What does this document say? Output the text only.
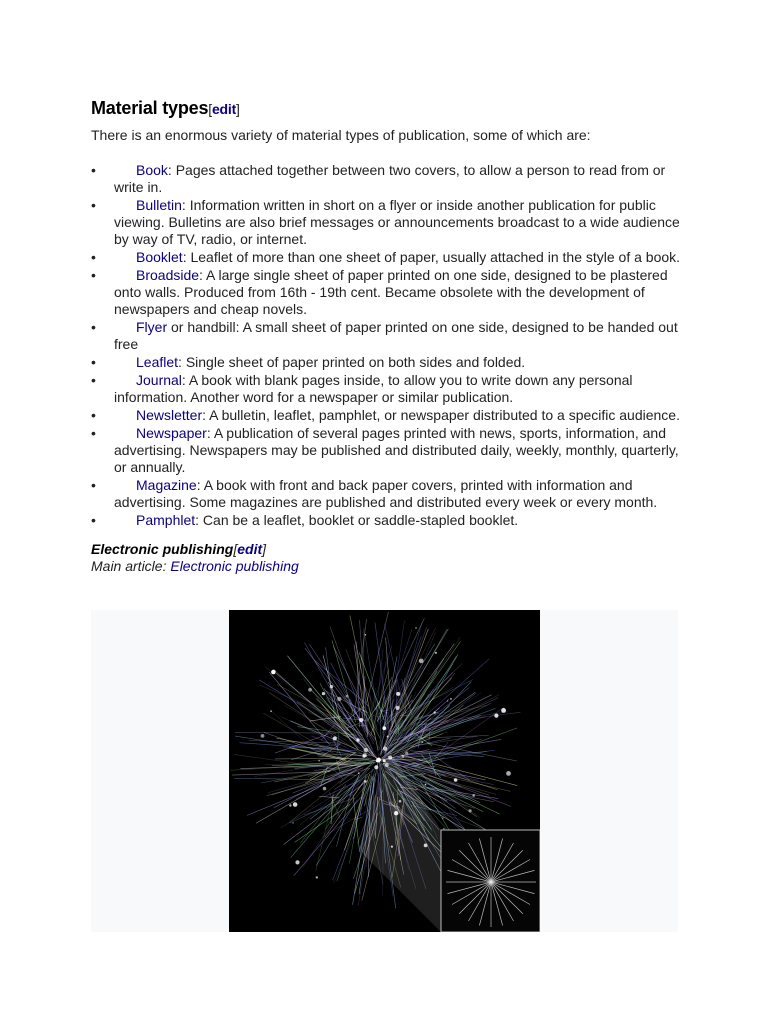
Material types[edit]

There is an enormous variety of material types of publication, some of which are:

•	Book: Pages attached together between two covers, to allow a person to read from or write in.
•	Bulletin: Information written in short on a flyer or inside another publication for public viewing. Bulletins are also brief messages or announcements broadcast to a wide audience by way of TV, radio, or internet.
•	Booklet: Leaflet of more than one sheet of paper, usually attached in the style of a book.
•	Broadside: A large single sheet of paper printed on one side, designed to be plastered onto walls. Produced from 16th - 19th cent. Became obsolete with the development of newspapers and cheap novels.
•	Flyer or handbill: A small sheet of paper printed on one side, designed to be handed out free
•	Leaflet: Single sheet of paper printed on both sides and folded.
•	Journal: A book with blank pages inside, to allow you to write down any personal information. Another word for a newspaper or similar publication.
•	Newsletter: A bulletin, leaflet, pamphlet, or newspaper distributed to a specific audience.
•	Newspaper: A publication of several pages printed with news, sports, information, and advertising. Newspapers may be published and distributed daily, weekly, monthly, quarterly, or annually.
•	Magazine: A book with front and back paper covers, printed with information and advertising. Some magazines are published and distributed every week or every month.
•	Pamphlet: Can be a leaflet, booklet or saddle-stapled booklet.
Electronic publishing[edit]

Main article: Electronic publishing
